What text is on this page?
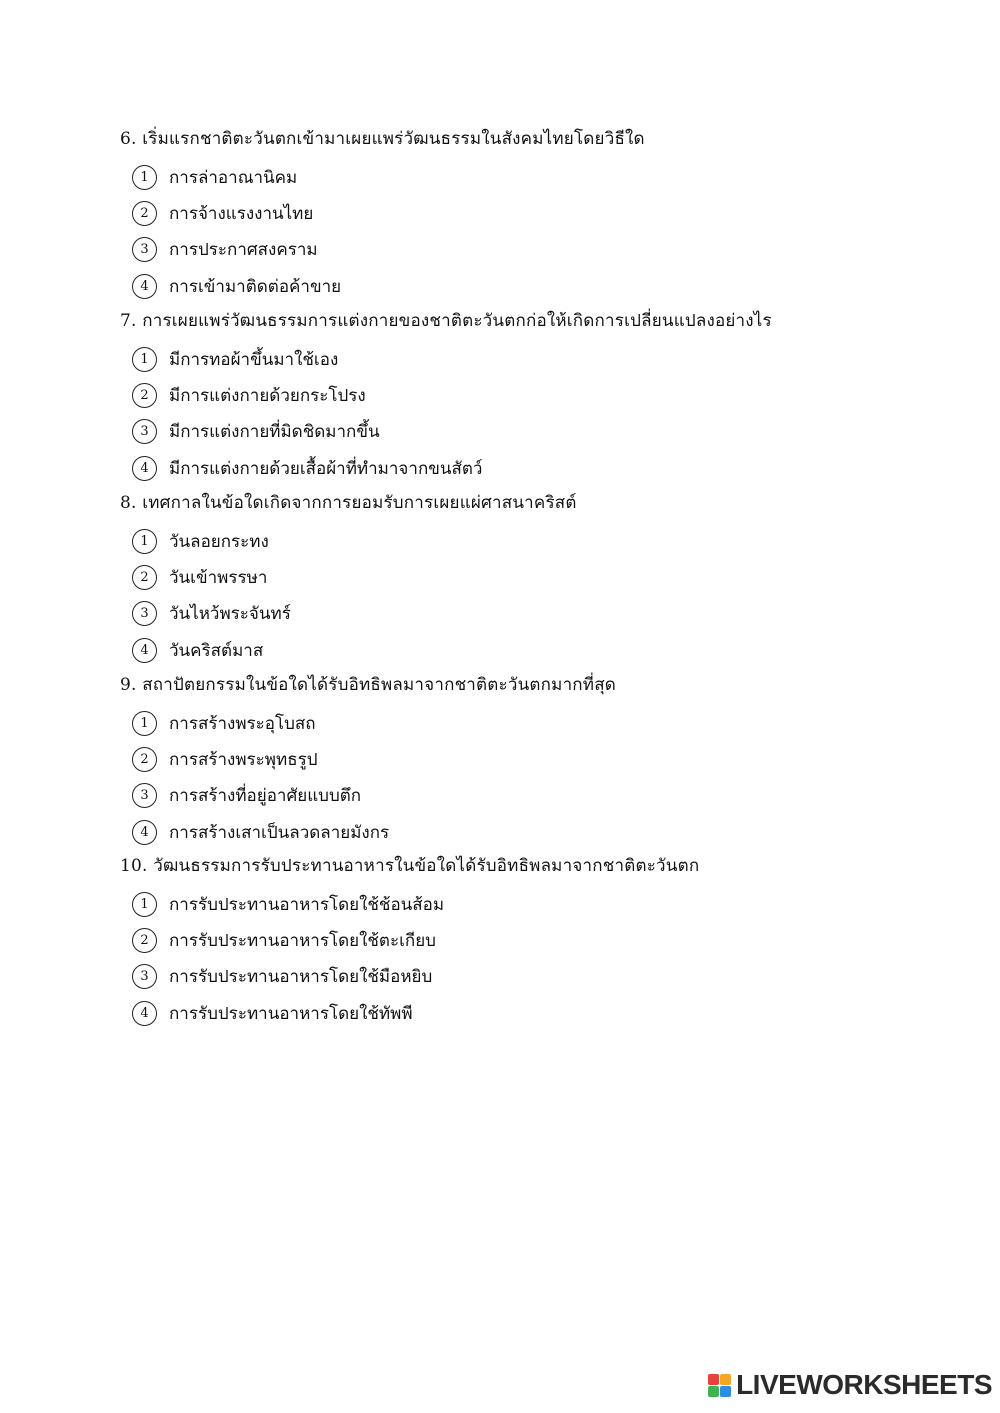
6. เริ่มแรกชาติตะวันตกเข้ามาเผยแพร่วัฒนธรรมในสังคมไทยโดยวิธีใด
1	การล่าอาณานิคม
2	การจ้างแรงงานไทย
3	การประกาศสงคราม
4	การเข้ามาติดต่อค้าขาย
7. การเผยแพร่วัฒนธรรมการแต่งกายของชาติตะวันตกก่อให้เกิดการเปลี่ยนแปลงอย่างไร
1	มีการทอผ้าขึ้นมาใช้เอง
2	มีการแต่งกายด้วยกระโปรง
3	มีการแต่งกายที่มิดชิดมากขึ้น
4	มีการแต่งกายด้วยเสื้อผ้าที่ทำมาจากขนสัตว์
8. เทศกาลในข้อใดเกิดจากการยอมรับการเผยแผ่ศาสนาคริสต์
1	วันลอยกระทง
2	วันเข้าพรรษา
3	วันไหว้พระจันทร์
4	วันคริสต์มาส
9. สถาปัตยกรรมในข้อใดได้รับอิทธิพลมาจากชาติตะวันตกมากที่สุด
1	การสร้างพระอุโบสถ
2	การสร้างพระพุทธรูป
3	การสร้างที่อยู่อาศัยแบบตึก
4	การสร้างเสาเป็นลวดลายมังกร
10. วัฒนธรรมการรับประทานอาหารในข้อใดได้รับอิทธิพลมาจากชาติตะวันตก
1	การรับประทานอาหารโดยใช้ช้อนส้อม
2	การรับประทานอาหารโดยใช้ตะเกียบ
3	การรับประทานอาหารโดยใช้มือหยิบ
4	การรับประทานอาหารโดยใช้ทัพพี
LIVEWORKSHEETS
